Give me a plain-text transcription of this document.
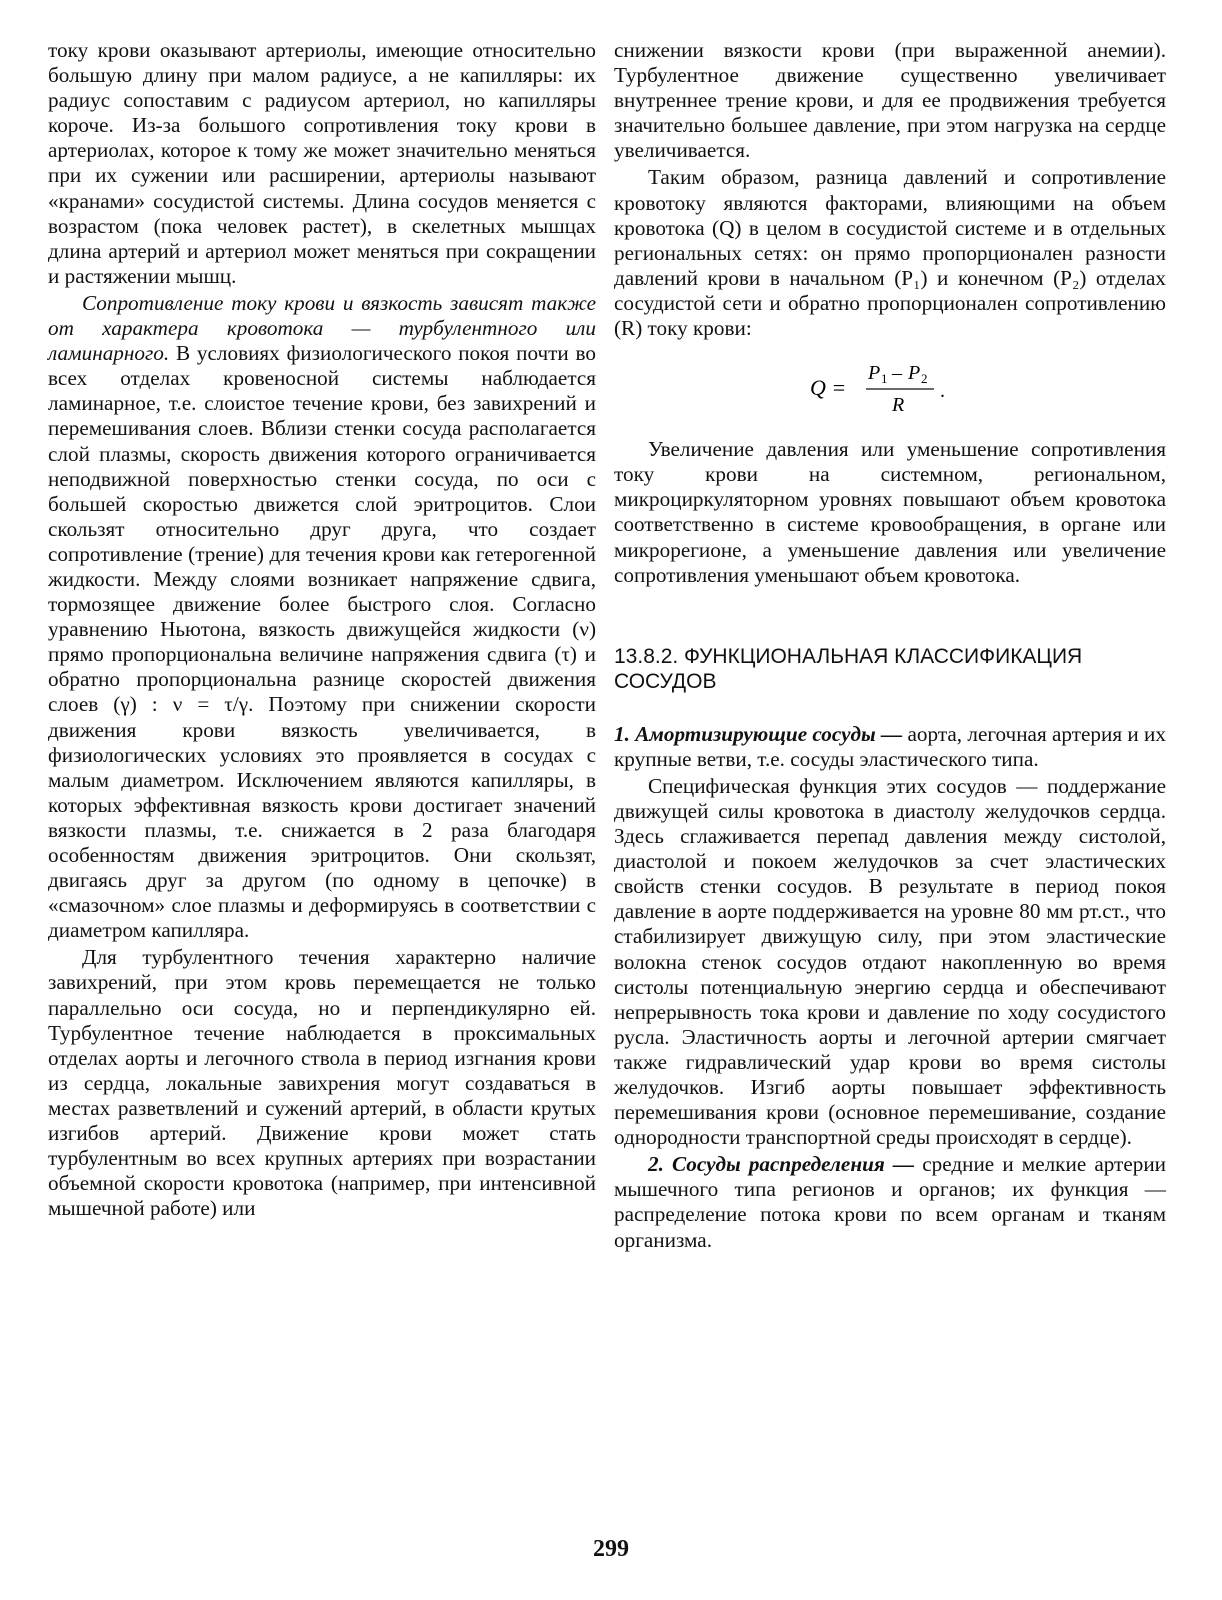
току крови оказывают артериолы, имеющие относительно большую длину при малом радиусе, а не капилляры: их радиус сопоставим с радиусом артериол, но капилляры короче. Из-за большого сопротивления току крови в артериолах, которое к тому же может значительно меняться при их сужении или расширении, артериолы называют «кранами» сосудистой системы. Длина сосудов меняется с возрастом (пока человек растет), в скелетных мышцах длина артерий и артериол может меняться при сокращении и растяжении мышц.

Сопротивление току крови и вязкость зависят также от характера кровотока — турбулентного или ламинарного. В условиях физиологического покоя почти во всех отделах кровеносной системы наблюдается ламинарное, т.е. слоистое течение крови, без завихрений и перемешивания слоев. Вблизи стенки сосуда располагается слой плазмы, скорость движения которого ограничивается неподвижной поверхностью стенки сосуда, по оси с большей скоростью движется слой эритроцитов. Слои скользят относительно друг друга, что создает сопротивление (трение) для течения крови как гетерогенной жидкости. Между слоями возникает напряжение сдвига, тормозящее движение более быстрого слоя. Согласно уравнению Ньютона, вязкость движущейся жидкости (ν) прямо пропорциональна величине напряжения сдвига (τ) и обратно пропорциональна разнице скоростей движения слоев (γ) : ν = τ/γ. Поэтому при снижении скорости движения крови вязкость увеличивается, в физиологических условиях это проявляется в сосудах с малым диаметром. Исключением являются капилляры, в которых эффективная вязкость крови достигает значений вязкости плазмы, т.е. снижается в 2 раза благодаря особенностям движения эритроцитов. Они скользят, двигаясь друг за другом (по одному в цепочке) в «смазочном» слое плазмы и деформируясь в соответствии с диаметром капилляра.

Для турбулентного течения характерно наличие завихрений, при этом кровь перемещается не только параллельно оси сосуда, но и перпендикулярно ей. Турбулентное течение наблюдается в проксимальных отделах аорты и легочного ствола в период изгнания крови из сердца, локальные завихрения могут создаваться в местах разветвлений и сужений артерий, в области крутых изгибов артерий. Движение крови может стать турбулентным во всех крупных артериях при возрастании объемной скорости кровотока (например, при интенсивной мышечной работе) или

снижении вязкости крови (при выраженной анемии). Турбулентное движение существенно увеличивает внутреннее трение крови, и для ее продвижения требуется значительно большее давление, при этом нагрузка на сердце увеличивается.

Таким образом, разница давлений и сопротивление кровотоку являются факторами, влияющими на объем кровотока (Q) в целом в сосудистой системе и в отдельных региональных сетях: он прямо пропорционален разности давлений крови в начальном (P₁) и конечном (P₂) отделах сосудистой сети и обратно пропорционален сопротивлению (R) току крови:

Q =
P 1 – P 2
R
.

Увеличение давления или уменьшение сопротивления току крови на системном, региональном, микроциркуляторном уровнях повышают объем кровотока соответственно в системе кровообращения, в органе или микрорегионе, а уменьшение давления или увеличение сопротивления уменьшают объем кровотока.

13.8.2. ФУНКЦИОНАЛЬНАЯ КЛАССИФИКАЦИЯ СОСУДОВ

1. Амортизирующие сосуды — аорта, легочная артерия и их крупные ветви, т.е. сосуды эластического типа.

Специфическая функция этих сосудов — поддержание движущей силы кровотока в диастолу желудочков сердца. Здесь сглаживается перепад давления между систолой, диастолой и покоем желудочков за счет эластических свойств стенки сосудов. В результате в период покоя давление в аорте поддерживается на уровне 80 мм рт.ст., что стабилизирует движущую силу, при этом эластические волокна стенок сосудов отдают накопленную во время систолы потенциальную энергию сердца и обеспечивают непрерывность тока крови и давление по ходу сосудистого русла. Эластичность аорты и легочной артерии смягчает также гидравлический удар крови во время систолы желудочков. Изгиб аорты повышает эффективность перемешивания крови (основное перемешивание, создание однородности транспортной среды происходят в сердце).

2. Сосуды распределения — средние и мелкие артерии мышечного типа регионов и органов; их функция — распределение потока крови по всем органам и тканям организма.

299
